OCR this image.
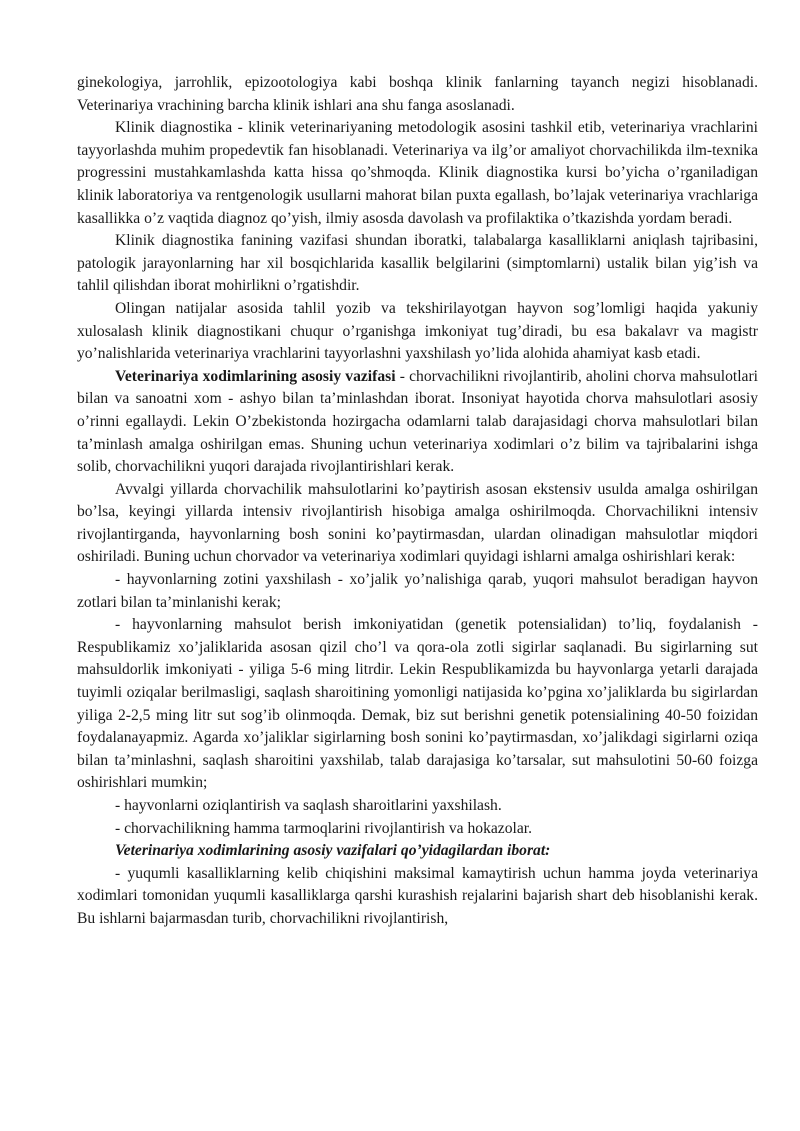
ginekologiya, jarrohlik, epizootologiya kabi boshqa klinik fanlarning tayanch negizi hisoblanadi. Veterinariya vrachining barcha klinik ishlari ana shu fanga asoslanadi.

Klinik diagnostika - klinik veterinariyaning metodologik asosini tashkil etib, veterinariya vrachlarini tayyorlashda muhim propedevtik fan hisoblanadi. Veterinariya va ilg’or amaliyot chorvachilikda ilm-texnika progressini mustahkamlashda katta hissa qo’shmoqda. Klinik diagnostika kursi bo’yicha o’rganiladigan klinik laboratoriya va rentgenologik usullarni mahorat bilan puxta egallash, bo’lajak veterinariya vrachlariga kasallikka o’z vaqtida diagnoz qo’yish, ilmiy asosda davolash va profilaktika o’tkazishda yordam beradi.

Klinik diagnostika fanining vazifasi shundan iboratki, talabalarga kasalliklarni aniqlash tajribasini, patologik jarayonlarning har xil bosqichlarida kasallik belgilarini (simptomlarni) ustalik bilan yig’ish va tahlil qilishdan iborat mohirlikni o’rgatishdir.

Olingan natijalar asosida tahlil yozib va tekshirilayotgan hayvon sog’lomligi haqida yakuniy xulosalash klinik diagnostikani chuqur o’rganishga imkoniyat tug’diradi, bu esa bakalavr va magistr yo’nalishlarida veterinariya vrachlarini tayyorlashni yaxshilash yo’lida alohida ahamiyat kasb etadi.

Veterinariya xodimlarining asosiy vazifasi - chorvachilikni rivojlantirib, aholini chorva mahsulotlari bilan va sanoatni xom - ashyo bilan ta’minlashdan iborat. Insoniyat hayotida chorva mahsulotlari asosiy o’rinni egallaydi. Lekin O’zbekistonda hozirgacha odamlarni talab darajasidagi chorva mahsulotlari bilan ta’minlash amalga oshirilgan emas. Shuning uchun veterinariya xodimlari o’z bilim va tajribalarini ishga solib, chorvachilikni yuqori darajada rivojlantirishlari kerak.

Avvalgi yillarda chorvachilik mahsulotlarini ko’paytirish asosan ekstensiv usulda amalga oshirilgan bo’lsa, keyingi yillarda intensiv rivojlantirish hisobiga amalga oshirilmoqda. Chorvachilikni intensiv rivojlantirganda, hayvonlarning bosh sonini ko’paytirmasdan, ulardan olinadigan mahsulotlar miqdori oshiriladi. Buning uchun chorvador va veterinariya xodimlari quyidagi ishlarni amalga oshirishlari kerak:

- hayvonlarning zotini yaxshilash - xo’jalik yo’nalishiga qarab, yuqori mahsulot beradigan hayvon zotlari bilan ta’minlanishi kerak;

- hayvonlarning mahsulot berish imkoniyatidan (genetik potensialidan) to’liq, foydalanish - Respublikamiz xo’jaliklarida asosan qizil cho’l va qora-ola zotli sigirlar saqlanadi. Bu sigirlarning sut mahsuldorlik imkoniyati - yiliga 5-6 ming litrdir. Lekin Respublikamizda bu hayvonlarga yetarli darajada tuyimli oziqalar berilmasligi, saqlash sharoitining yomonligi natijasida ko’pgina xo’jaliklarda bu sigirlardan yiliga 2-2,5 ming litr sut sog’ib olinmoqda. Demak, biz sut berishni genetik potensialining 40-50 foizidan foydalanayapmiz. Agarda xo’jaliklar sigirlarning bosh sonini ko’paytirmasdan, xo’jalikdagi sigirlarni oziqa bilan ta’minlashni, saqlash sharoitini yaxshilab, talab darajasiga ko’tarsalar, sut mahsulotini 50-60 foizga oshirishlari mumkin;

- hayvonlarni oziqlantirish va saqlash sharoitlarini yaxshilash.

- chorvachilikning hamma tarmoqlarini rivojlantirish va hokazolar.

Veterinariya xodimlarining asosiy vazifalari qo’yidagilardan iborat:

- yuqumli kasalliklarning kelib chiqishini maksimal kamaytirish uchun hamma joyda veterinariya xodimlari tomonidan yuqumli kasalliklarga qarshi kurashish rejalarini bajarish shart deb hisoblanishi kerak. Bu ishlarni bajarmasdan turib, chorvachilikni rivojlantirish,
